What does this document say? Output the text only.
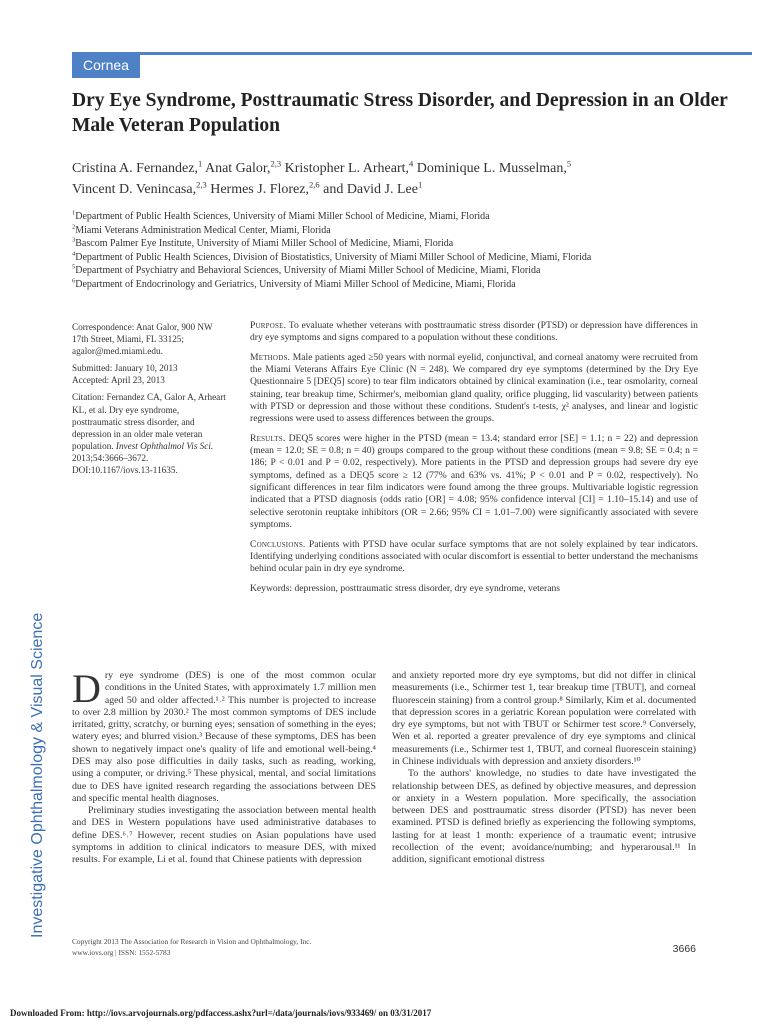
Cornea
Investigative Ophthalmology & Visual Science
Dry Eye Syndrome, Posttraumatic Stress Disorder, and Depression in an Older Male Veteran Population
Cristina A. Fernandez,$^1$ Anat Galor,$^{2,3}$ Kristopher L. Arheart,$^4$ Dominique L. Musselman,$^5$
Vincent D. Venincasa,$^{2,3}$ Hermes J. Florez,$^{2,6}$ and David J. Lee$^1$
$^1$Department of Public Health Sciences, University of Miami Miller School of Medicine, Miami, Florida
$^2$Miami Veterans Administration Medical Center, Miami, Florida
$^3$Bascom Palmer Eye Institute, University of Miami Miller School of Medicine, Miami, Florida
$^4$Department of Public Health Sciences, Division of Biostatistics, University of Miami Miller School of Medicine, Miami, Florida
$^5$Department of Psychiatry and Behavioral Sciences, University of Miami Miller School of Medicine, Miami, Florida
$^6$Department of Endocrinology and Geriatrics, University of Miami Miller School of Medicine, Miami, Florida

Correspondence: Anat Galor, 900 NW 17th Street, Miami, FL 33125; agalor@med.miami.edu.

Submitted: January 10, 2013
Accepted: April 23, 2013

Citation: Fernandez CA, Galor A, Arheart KL, et al. Dry eye syndrome, posttraumatic stress disorder, and depression in an older male veteran population. Invest Ophthalmol Vis Sci. 2013;54:3666–3672. DOI:10.1167/iovs.13-11635.

Purpose. To evaluate whether veterans with posttraumatic stress disorder (PTSD) or depression have differences in dry eye symptoms and signs compared to a population without these conditions.

Methods. Male patients aged ≥50 years with normal eyelid, conjunctival, and corneal anatomy were recruited from the Miami Veterans Affairs Eye Clinic (N = 248). We compared dry eye symptoms (determined by the Dry Eye Questionnaire 5 [DEQ5] score) to tear film indicators obtained by clinical examination (i.e., tear osmolarity, corneal staining, tear breakup time, Schirmer's, meibomian gland quality, orifice plugging, lid vascularity) between patients with PTSD or depression and those without these conditions. Student's t-tests, χ² analyses, and linear and logistic regressions were used to assess differences between the groups.

Results. DEQ5 scores were higher in the PTSD (mean = 13.4; standard error [SE] = 1.1; n = 22) and depression (mean = 12.0; SE = 0.8; n = 40) groups compared to the group without these conditions (mean = 9.8; SE = 0.4; n = 186; P < 0.01 and P = 0.02, respectively). More patients in the PTSD and depression groups had severe dry eye symptoms, defined as a DEQ5 score ≥ 12 (77% and 63% vs. 41%; P < 0.01 and P = 0.02, respectively). No significant differences in tear film indicators were found among the three groups. Multivariable logistic regression indicated that a PTSD diagnosis (odds ratio [OR] = 4.08; 95% confidence interval [CI] = 1.10–15.14) and use of selective serotonin reuptake inhibitors (OR = 2.66; 95% CI = 1.01–7.00) were significantly associated with severe symptoms.

Conclusions. Patients with PTSD have ocular surface symptoms that are not solely explained by tear indicators. Identifying underlying conditions associated with ocular discomfort is essential to better understand the mechanisms behind ocular pain in dry eye syndrome.

Keywords: depression, posttraumatic stress disorder, dry eye syndrome, veterans

Dry eye syndrome (DES) is one of the most common ocular conditions in the United States, with approximately 1.7 million men aged 50 and older affected.¹˒² This number is projected to increase to over 2.8 million by 2030.² The most common symptoms of DES include irritated, gritty, scratchy, or burning eyes; sensation of something in the eyes; watery eyes; and blurred vision.³ Because of these symptoms, DES has been shown to negatively impact one's quality of life and emotional well-being.⁴ DES may also pose difficulties in daily tasks, such as reading, working, using a computer, or driving.⁵ These physical, mental, and social limitations due to DES have ignited research regarding the associations between DES and specific mental health diagnoses.

Preliminary studies investigating the association between mental health and DES in Western populations have used administrative databases to define DES.⁶˒⁷ However, recent studies on Asian populations have used symptoms in addition to clinical indicators to measure DES, with mixed results. For example, Li et al. found that Chinese patients with depression

and anxiety reported more dry eye symptoms, but did not differ in clinical measurements (i.e., Schirmer test 1, tear breakup time [TBUT], and corneal fluorescein staining) from a control group.⁸ Similarly, Kim et al. documented that depression scores in a geriatric Korean population were correlated with dry eye symptoms, but not with TBUT or Schirmer test score.⁹ Conversely, Wen et al. reported a greater prevalence of dry eye symptoms and clinical measurements (i.e., Schirmer test 1, TBUT, and corneal fluorescein staining) in Chinese individuals with depression and anxiety disorders.¹⁰

To the authors' knowledge, no studies to date have investigated the relationship between DES, as defined by objective measures, and depression or anxiety in a Western population. More specifically, the association between DES and posttraumatic stress disorder (PTSD) has never been examined. PTSD is defined briefly as experiencing the following symptoms, lasting for at least 1 month: experience of a traumatic event; intrusive recollection of the event; avoidance/numbing; and hyperarousal.¹¹ In addition, significant emotional distress

Copyright 2013 The Association for Research in Vision and Ophthalmology, Inc.
www.iovs.org | ISSN: 1552-5783	3666
Downloaded From: http://iovs.arvojournals.org/pdfaccess.ashx?url=/data/journals/iovs/933469/ on 03/31/2017
